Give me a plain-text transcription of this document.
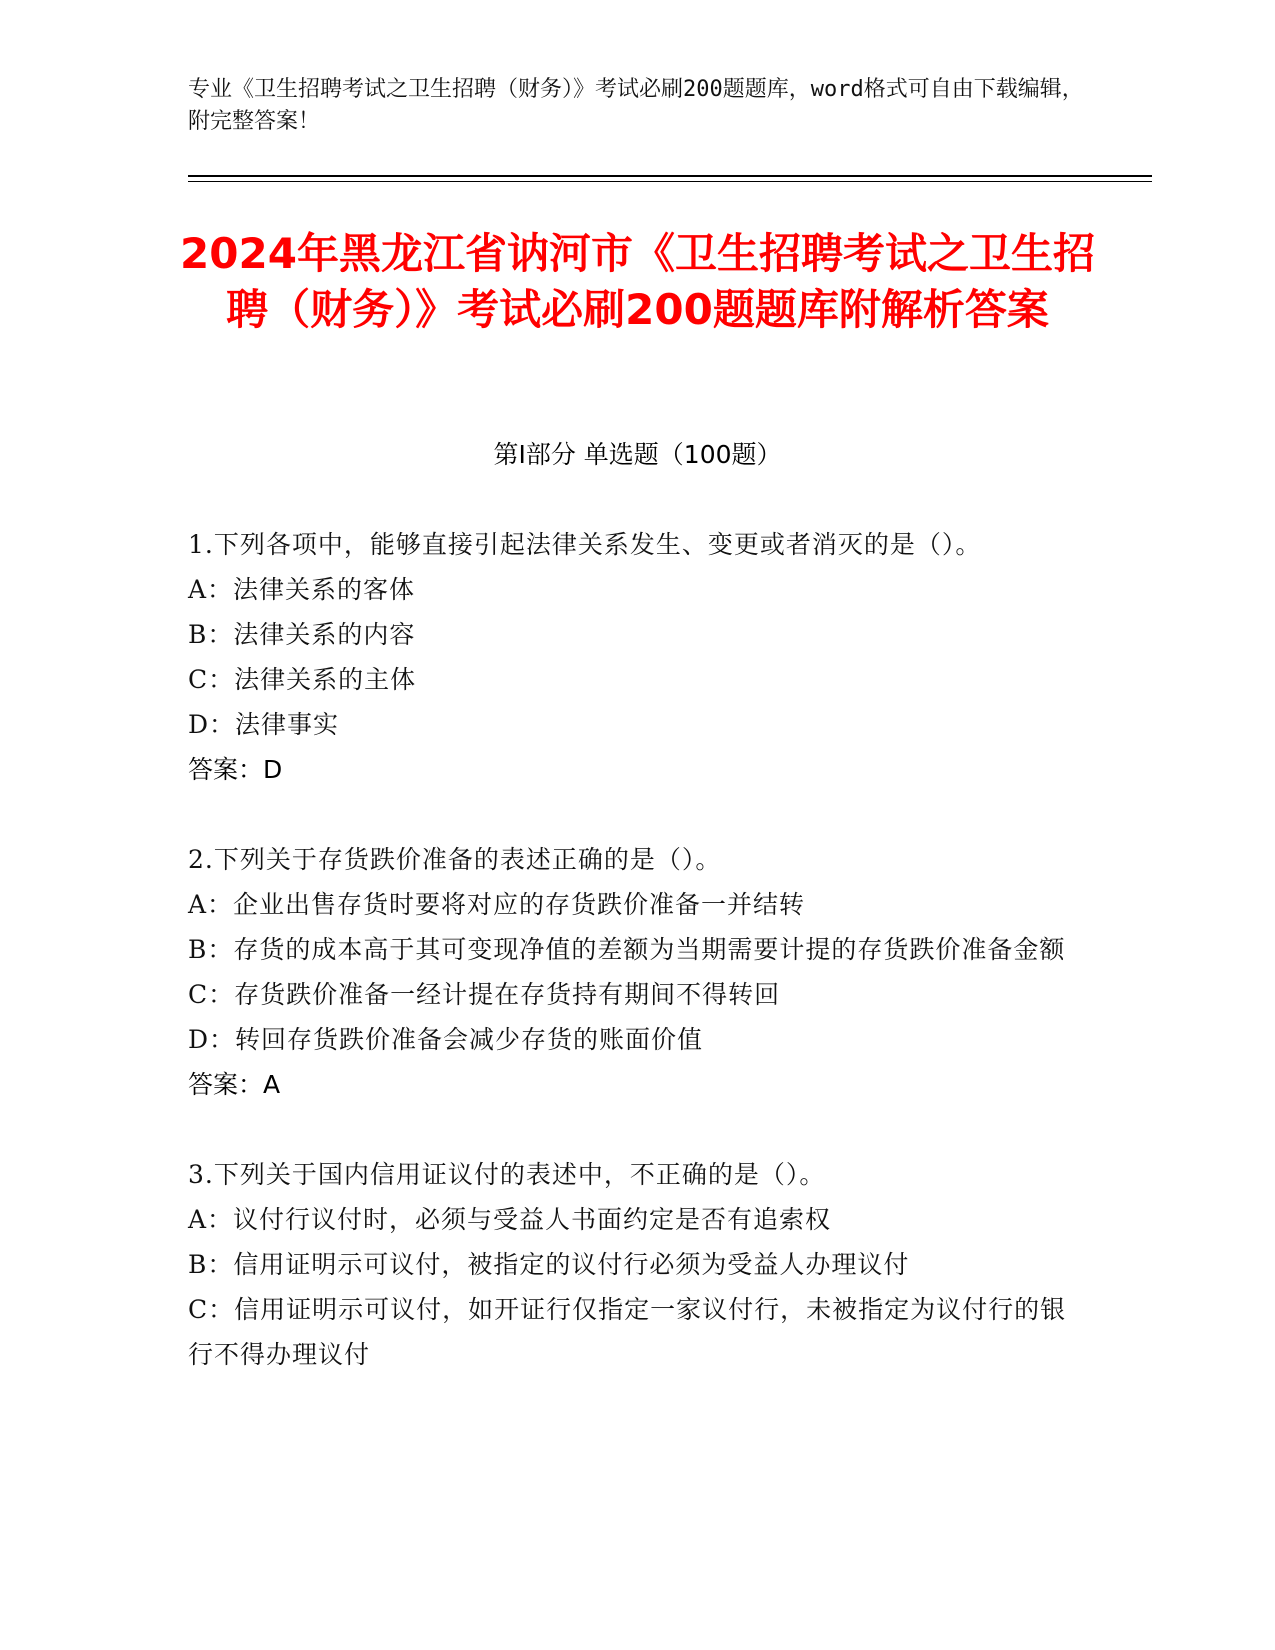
专业《卫生招聘考试之卫生招聘（财务）》考试必刷200题题库，word格式可自由下载编辑，附完整答案！
2024年黑龙江省讷河市《卫生招聘考试之卫生招聘（财务）》考试必刷200题题库附解析答案
第Ⅰ部分 单选题（100题）
1.下列各项中，能够直接引起法律关系发生、变更或者消灭的是（）。
A：法律关系的客体
B：法律关系的内容
C：法律关系的主体
D：法律事实
答案：D
2.下列关于存货跌价准备的表述正确的是（）。
A：企业出售存货时要将对应的存货跌价准备一并结转
B：存货的成本高于其可变现净值的差额为当期需要计提的存货跌价准备金额
C：存货跌价准备一经计提在存货持有期间不得转回
D：转回存货跌价准备会减少存货的账面价值
答案：A
3.下列关于国内信用证议付的表述中，不正确的是（）。
A：议付行议付时，必须与受益人书面约定是否有追索权
B：信用证明示可议付，被指定的议付行必须为受益人办理议付
C：信用证明示可议付，如开证行仅指定一家议付行，未被指定为议付行的银行不得办理议付
